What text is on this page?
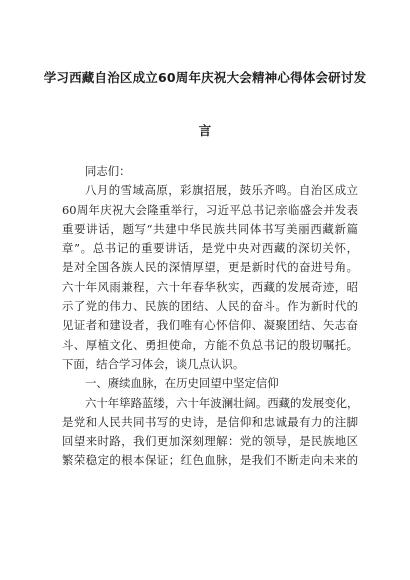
学习西藏自治区成立60周年庆祝大会精神心得体会研讨发
言
同志们：
八月的雪域高原，彩旗招展，鼓乐齐鸣。自治区成立
60周年庆祝大会隆重举行，习近平总书记亲临盛会并发表
重要讲话，题写“共建中华民族共同体书写美丽西藏新篇
章”。总书记的重要讲话，是党中央对西藏的深切关怀，
是对全国各族人民的深情厚望，更是新时代的奋进号角。
六十年风雨兼程，六十年春华秋实，西藏的发展奇迹，昭
示了党的伟力、民族的团结、人民的奋斗。作为新时代的
见证者和建设者，我们唯有心怀信仰、凝聚团结、矢志奋
斗、厚植文化、勇担使命，方能不负总书记的殷切嘱托。
下面，结合学习体会，谈几点认识。
一、赓续血脉，在历史回望中坚定信仰
六十年筚路蓝缕，六十年波澜壮阔。西藏的发展变化，
是党和人民共同书写的史诗，是信仰和忠诚最有力的注脚
回望来时路，我们更加深刻理解：党的领导，是民族地区
繁荣稳定的根本保证；红色血脉，是我们不断走向未来的
